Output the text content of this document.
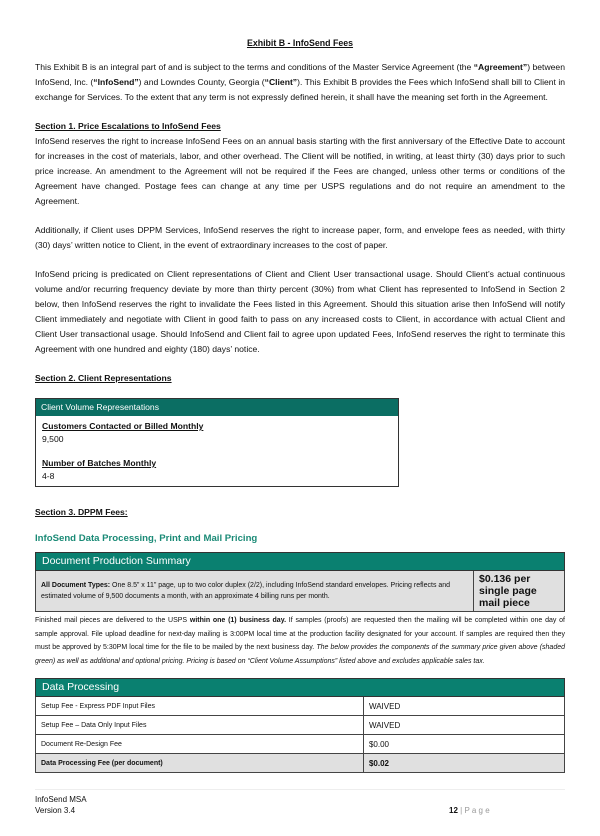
Exhibit B - InfoSend Fees

This Exhibit B is an integral part of and is subject to the terms and conditions of the Master Service Agreement (the “Agreement”) between InfoSend, Inc. (“InfoSend”) and Lowndes County, Georgia (“Client”). This Exhibit B provides the Fees which InfoSend shall bill to Client in exchange for Services. To the extent that any term is not expressly defined herein, it shall have the meaning set forth in the Agreement.

Section 1. Price Escalations to InfoSend Fees

InfoSend reserves the right to increase InfoSend Fees on an annual basis starting with the first anniversary of the Effective Date to account for increases in the cost of materials, labor, and other overhead. The Client will be notified, in writing, at least thirty (30) days prior to such price increase. An amendment to the Agreement will not be required if the Fees are changed, unless other terms or conditions of the Agreement have changed. Postage fees can change at any time per USPS regulations and do not require an amendment to the Agreement.

Additionally, if Client uses DPPM Services, InfoSend reserves the right to increase paper, form, and envelope fees as needed, with thirty (30) days’ written notice to Client, in the event of extraordinary increases to the cost of paper.

InfoSend pricing is predicated on Client representations of Client and Client User transactional usage. Should Client’s actual continuous volume and/or recurring frequency deviate by more than thirty percent (30%) from what Client has represented to InfoSend in Section 2 below, then InfoSend reserves the right to invalidate the Fees listed in this Agreement. Should this situation arise then InfoSend will notify Client immediately and negotiate with Client in good faith to pass on any increased costs to Client, in accordance with actual Client and Client User transactional usage. Should InfoSend and Client fail to agree upon updated Fees, InfoSend reserves the right to terminate this Agreement with one hundred and eighty (180) days’ notice.

Section 2. Client Representations

Client Volume Representations
Customers Contacted or Billed Monthly
9,500
Number of Batches Monthly
4-8

Section 3. DPPM Fees:

InfoSend Data Processing, Print and Mail Pricing
Document Production Summary
All Document Types: One 8.5” x 11” page, up to two color duplex (2/2), including InfoSend standard envelopes. Pricing reflects and estimated volume of 9,500 documents a month, with an approximate 4 billing runs per month.	$0.136 per single page mail piece

Finished mail pieces are delivered to the USPS within one (1) business day. If samples (proofs) are requested then the mailing will be completed within one day of sample approval. File upload deadline for next-day mailing is 3:00PM local time at the production facility designated for your account. If samples are required then they must be approved by 5:30PM local time for the file to be mailed by the next business day. The below provides the components of the summary price given above (shaded green) as well as additional and optional pricing. Pricing is based on “Client Volume Assumptions” listed above and excludes applicable sales tax.

Data Processing	
Setup Fee - Express PDF Input Files	WAIVED
Setup Fee – Data Only Input Files	WAIVED
Document Re-Design Fee	$0.00
Data Processing Fee (per document)	$0.02
InfoSend MSA
Version 3.4	12 | P a g e
